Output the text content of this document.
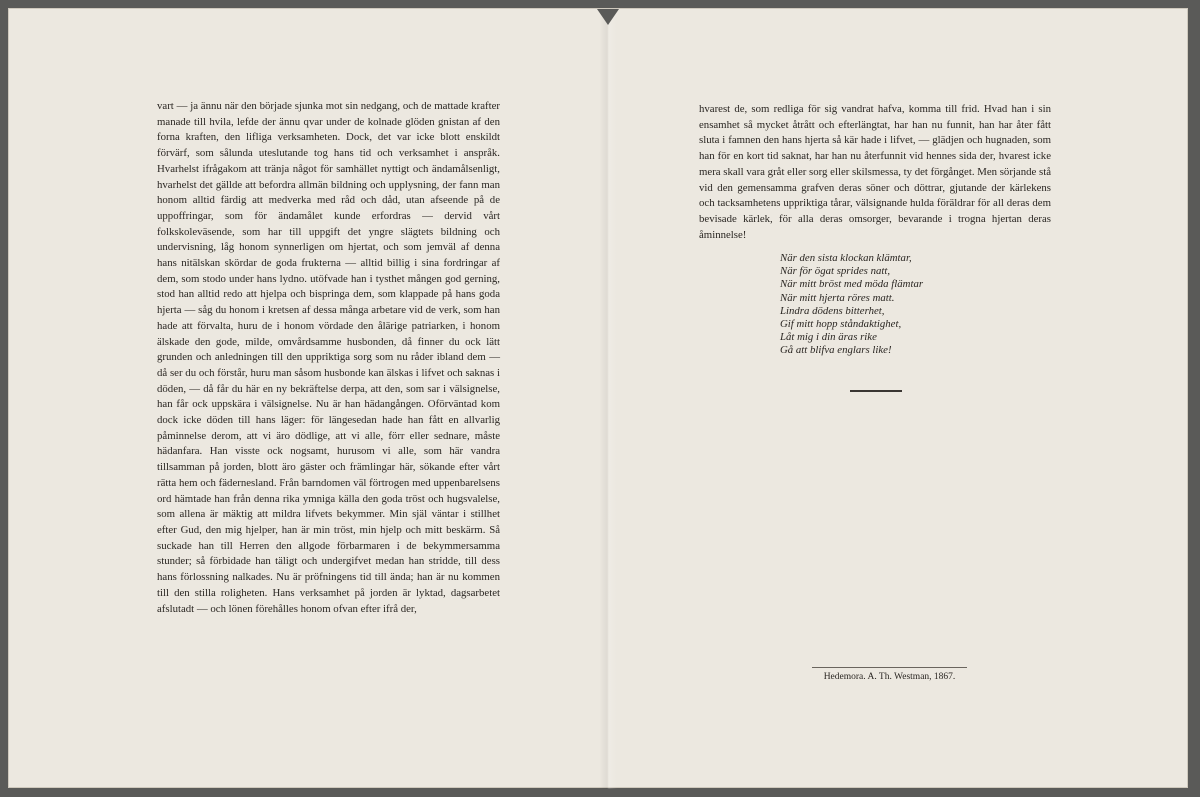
vart — ja ännu när den började sjunka mot sin nedgang, och de mattade krafter manade till hvila, lefde der ännu qvar under de kolnade glöden gnistan af den forna kraften, den lifliga verksamheten. Dock, det var icke blott enskildt förvärf, som sålunda uteslutande tog hans tid och verksamhet i anspråk. Hvarhelst ifrågakom att tränja något för samhället nyttigt och ändamålsenligt, hvarhelst det gällde att befordra allmän bildning och upplysning, der fann man honom alltid färdig att medverka med råd och dåd, utan afseende på de uppoffringar, som för ändamålet kunde erfordras — dervid vårt folkskoleväsende, som har till uppgift det yngre slägtets bildning och undervisning, låg honom synnerligen om hjertat, och som jemväl af denna hans nitälskan skördar de goda frukterna — alltid billig i sina fordringar af dem, som stodo under hans lydno. utöfvade han i tysthet mången god gerning, stod han alltid redo att hjelpa och bispringa dem, som klappade på hans goda hjerta — såg du honom i kretsen af dessa många arbetare vid de verk, som han hade att förvalta, huru de i honom vördade den ålärige patriarken, i honom älskade den gode, milde, omvårdsamme husbonden, då finner du ock lätt grunden och anledningen till den uppriktiga sorg som nu råder ibland dem — då ser du och förstår, huru man såsom husbonde kan älskas i lifvet och saknas i döden, — då får du här en ny bekräftelse derpa, att den, som sar i välsignelse, han får ock uppskära i välsignelse. Nu är han hädangången. Oförväntad kom dock icke döden till hans läger: för längesedan hade han fått en allvarlig påminnelse derom, att vi äro dödlige, att vi alle, förr eller sednare, måste hädanfara. Han visste ock nogsamt, hurusom vi alle, som här vandra tillsamman på jorden, blott äro gäster och främlingar här, sökande efter vårt rätta hem och fädernesland. Från barndomen väl förtrogen med uppenbarelsens ord hämtade han från denna rika ymniga källa den goda tröst och hugsvalelse, som allena är mäktig att mildra lifvets bekymmer. Min själ väntar i stillhet efter Gud, den mig hjelper, han är min tröst, min hjelp och mitt beskärm. Så suckade han till Herren den allgode förbarmaren i de bekymmersamma stunder; så förbidade han täligt och undergifvet medan han stridde, till dess hans förlossning nalkades. Nu är pröfningens tid till ända; han är nu kommen till den stilla roligheten. Hans verksamhet på jorden är lyktad, dagsarbetet afslutadt — och lönen förehålles honom ofvan efter ifrå der,

hvarest de, som redliga för sig vandrat hafva, komma till frid. Hvad han i sin ensamhet så mycket åtrått och efterlängtat, har han nu funnit, han har åter fått sluta i famnen den hans hjerta så kär hade i lifvet, — glädjen och hugnaden, som han för en kort tid saknat, har han nu återfunnit vid hennes sida der, hvarest icke mera skall vara gråt eller sorg eller skilsmessa, ty det förgånget. Men sörjande stå vid den gemensamma grafven deras söner och döttrar, gjutande der kärlekens och tacksamhetens uppriktiga tårar, välsignande hulda föräldrar för all deras dem bevisade kärlek, för alla deras omsorger, bevarande i trogna hjertan deras åminnelse!

När den sista klockan klämtar,
När för ögat sprides natt,
När mitt bröst med möda flämtar
När mitt hjerta röres matt.
Lindra dödens bitterhet,
Gif mitt hopp ståndaktighet,
Låt mig i din äras rike
Gå att blifva englars like!
Hedemora. A. Th. Westman, 1867.
